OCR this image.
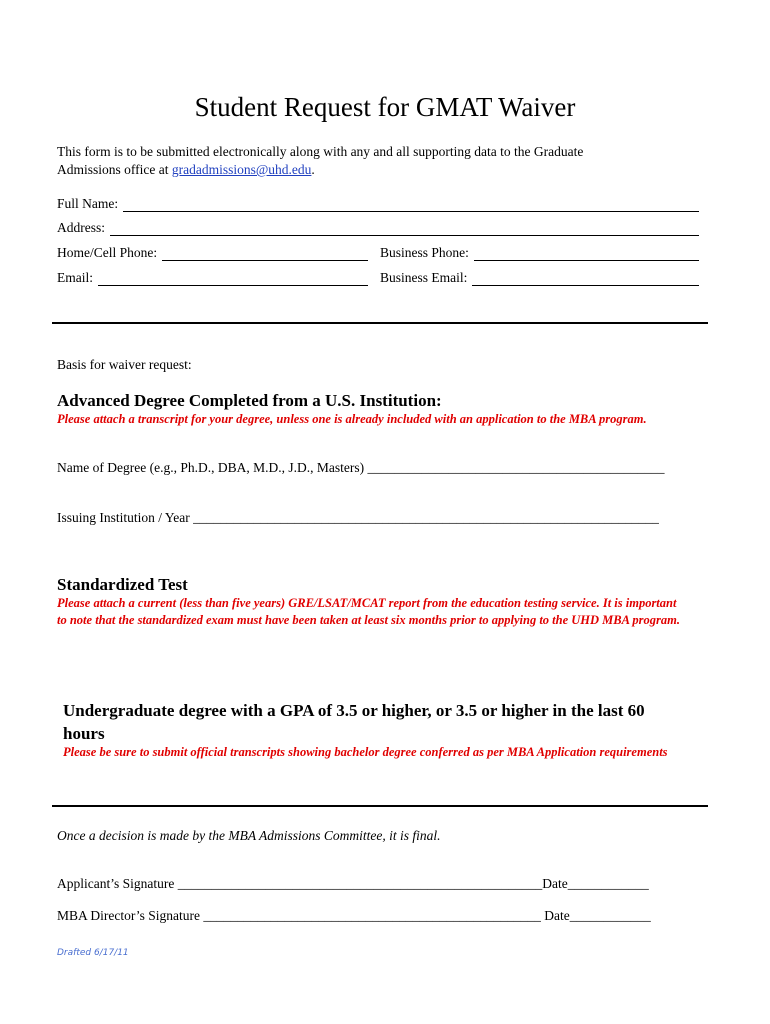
Student Request for GMAT Waiver
This form is to be submitted electronically along with any and all supporting data to the Graduate
Admissions office at gradadmissions@uhd.edu.
Full Name:
Address:
Home/Cell Phone:	Business Phone:
Email:	Business Email:
Basis for waiver request:
Advanced Degree Completed from a U.S. Institution:
Please attach a transcript for your degree, unless one is already included with an application to the MBA program.
Name of Degree (e.g., Ph.D., DBA, M.D., J.D., Masters) ____________________________________________
Issuing Institution / Year _____________________________________________________________________
Standardized Test
Please attach a current (less than five years) GRE/LSAT/MCAT report from the education testing service. It is important to note that the standardized exam must have been taken at least six months prior to applying to the UHD MBA program.
Undergraduate degree with a GPA of 3.5 or higher, or 3.5 or higher in the last 60 hours
Please be sure to submit official transcripts showing bachelor degree conferred as per MBA Application requirements
Once a decision is made by the MBA Admissions Committee, it is final.
Applicant’s Signature ______________________________________________________Date____________
MBA Director’s Signature __________________________________________________ Date____________
Drafted 6/17/11
